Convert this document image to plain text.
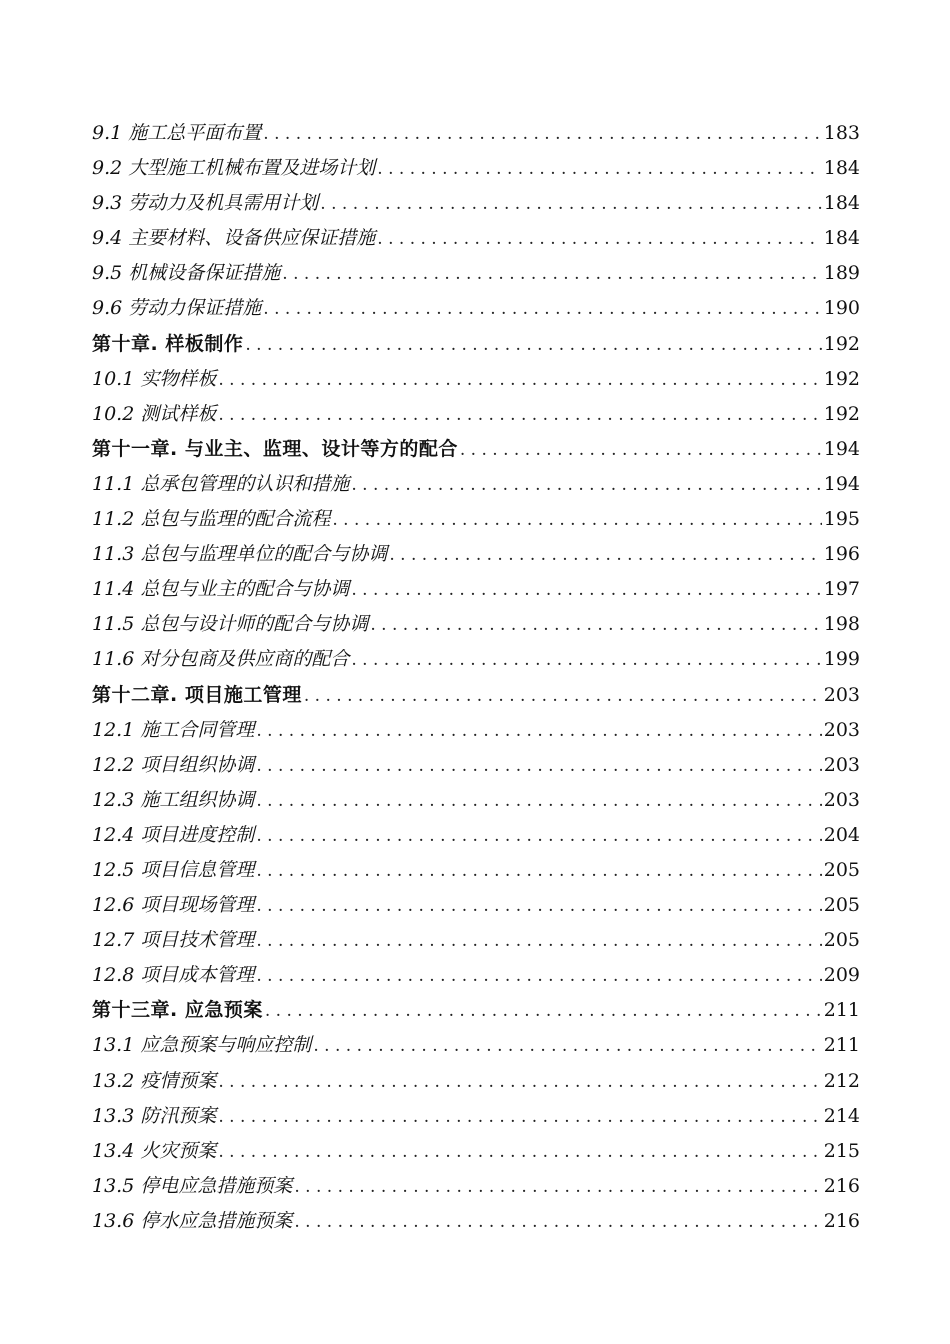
9.1 施工总平面布置 . . .	183
9.2 大型施工机械布置及进场计划 . . .	184
9.3 劳动力及机具需用计划 . . .	184
9.4 主要材料、设备供应保证措施 . . .	184
9.5 机械设备保证措施 . . .	189
9.6 劳动力保证措施 . . .	190
第十章. 样板制作 . . .	192
10.1 实物样板 . . .	192
10.2 测试样板 . . .	192
第十一章. 与业主、监理、设计等方的配合 . . .	194
11.1 总承包管理的认识和措施 . . .	194
11.2 总包与监理的配合流程 . . .	195
11.3 总包与监理单位的配合与协调 . . .	196
11.4 总包与业主的配合与协调 . . .	197
11.5 总包与设计师的配合与协调 . . .	198
11.6 对分包商及供应商的配合 . . .	199
第十二章. 项目施工管理 . . .	203
12.1 施工合同管理 . . .	203
12.2 项目组织协调 . . .	203
12.3 施工组织协调 . . .	203
12.4 项目进度控制 . . .	204
12.5 项目信息管理 . . .	205
12.6 项目现场管理 . . .	205
12.7 项目技术管理 . . .	205
12.8 项目成本管理 . . .	209
第十三章. 应急预案 . . .	211
13.1 应急预案与响应控制 . . .	211
13.2 疫情预案 . . .	212
13.3 防汛预案 . . .	214
13.4 火灾预案 . . .	215
13.5 停电应急措施预案 . . .	216
13.6 停水应急措施预案 . . .	216
